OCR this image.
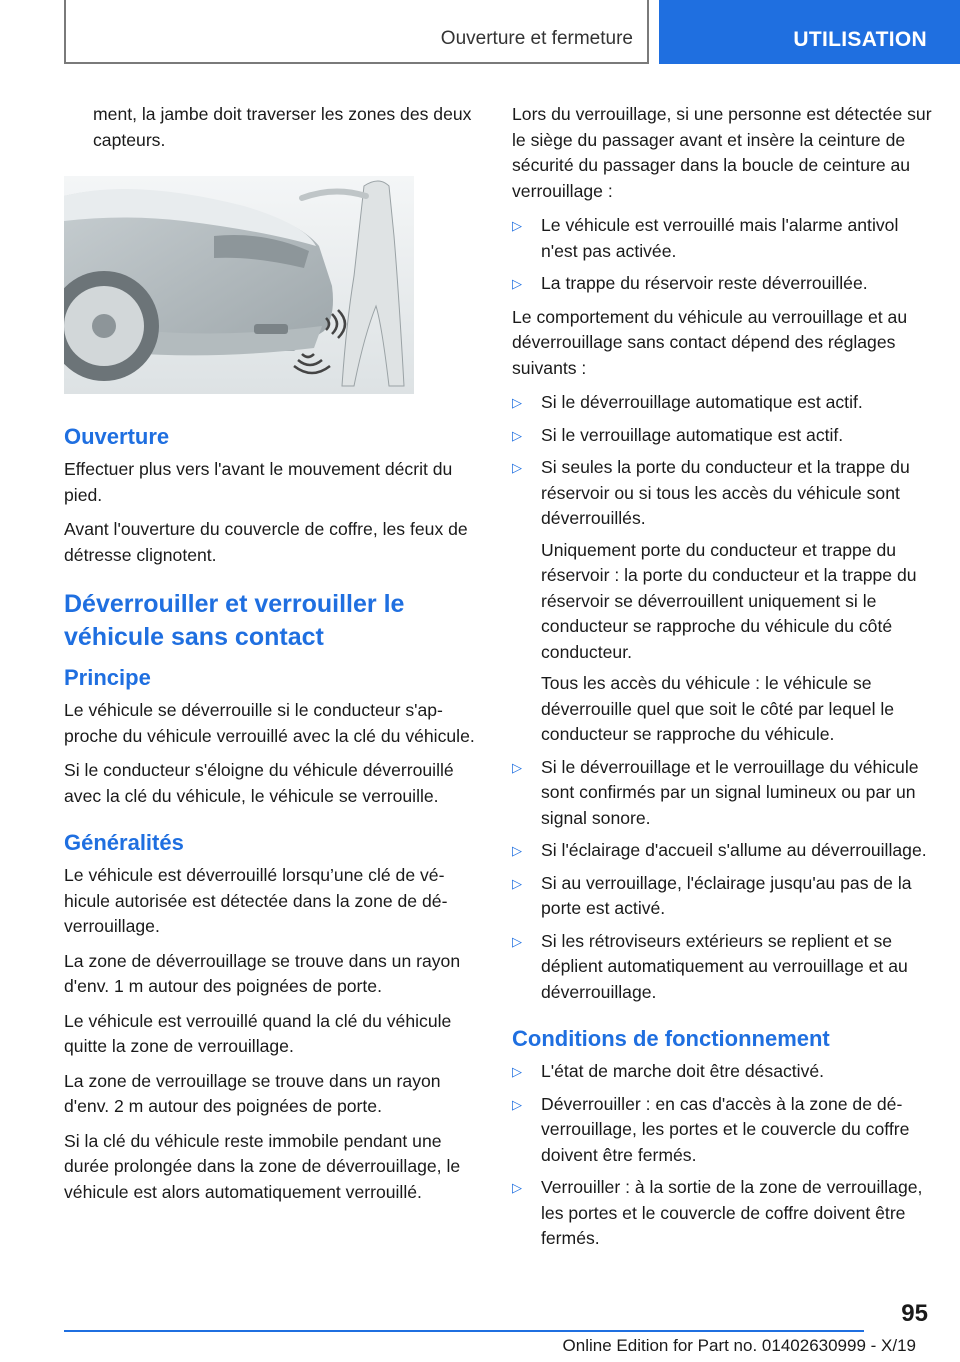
Ouverture et fermeture	UTILISATION

ment, la jambe doit traverser les zones des deux capteurs.

Ouverture

Effectuer plus vers l'avant le mouvement décrit du pied.

Avant l'ouverture du couvercle de coffre, les feux de détresse clignotent.

Déverrouiller et verrouiller le véhicule sans contact
Principe

Le véhicule se déverrouille si le conducteur s'approche du véhicule verrouillé avec la clé du véhicule.

Si le conducteur s'éloigne du véhicule déverrouillé avec la clé du véhicule, le véhicule se verrouille.

Généralités

Le véhicule est déverrouillé lorsqu’une clé de véhicule autorisée est détectée dans la zone de déverrouillage.

La zone de déverrouillage se trouve dans un rayon d'env. 1 m autour des poignées de porte.

Le véhicule est verrouillé quand la clé du véhicule quitte la zone de verrouillage.

La zone de verrouillage se trouve dans un rayon d'env. 2 m autour des poignées de porte.

Si la clé du véhicule reste immobile pendant une durée prolongée dans la zone de déverrouillage, le véhicule est alors automatiquement verrouillé.

Lors du verrouillage, si une personne est détectée sur le siège du passager avant et insère la ceinture de sécurité du passager dans la boucle de ceinture au verrouillage :

▷ Le véhicule est verrouillé mais l'alarme antivol n'est pas activée.
▷ La trappe du réservoir reste déverrouillée.

Le comportement du véhicule au verrouillage et au déverrouillage sans contact dépend des réglages suivants :

▷ Si le déverrouillage automatique est actif.
▷ Si le verrouillage automatique est actif.
▷ Si seules la porte du conducteur et la trappe du réservoir ou si tous les accès du véhicule sont déverrouillés.

Uniquement porte du conducteur et trappe du réservoir : la porte du conducteur et la trappe du réservoir se déverrouillent uniquement si le conducteur se rapproche du véhicule du côté conducteur.

Tous les accès du véhicule : le véhicule se déverrouille quel que soit le côté par lequel le conducteur se rapproche du véhicule.

▷ Si le déverrouillage et le verrouillage du véhicule sont confirmés par un signal lumineux ou par un signal sonore.
▷ Si l'éclairage d'accueil s'allume au déverrouillage.
▷ Si au verrouillage, l'éclairage jusqu'au pas de la porte est activé.
▷ Si les rétroviseurs extérieurs se replient et se déplient automatiquement au verrouillage et au déverrouillage.
Conditions de fonctionnement
▷ L'état de marche doit être désactivé.
▷ Déverrouiller : en cas d'accès à la zone de déverrouillage, les portes et le couvercle du coffre doivent être fermés.
▷ Verrouiller : à la sortie de la zone de verrouillage, les portes et le couvercle de coffre doivent être fermés.
95
Online Edition for Part no. 01402630999 - X/19
